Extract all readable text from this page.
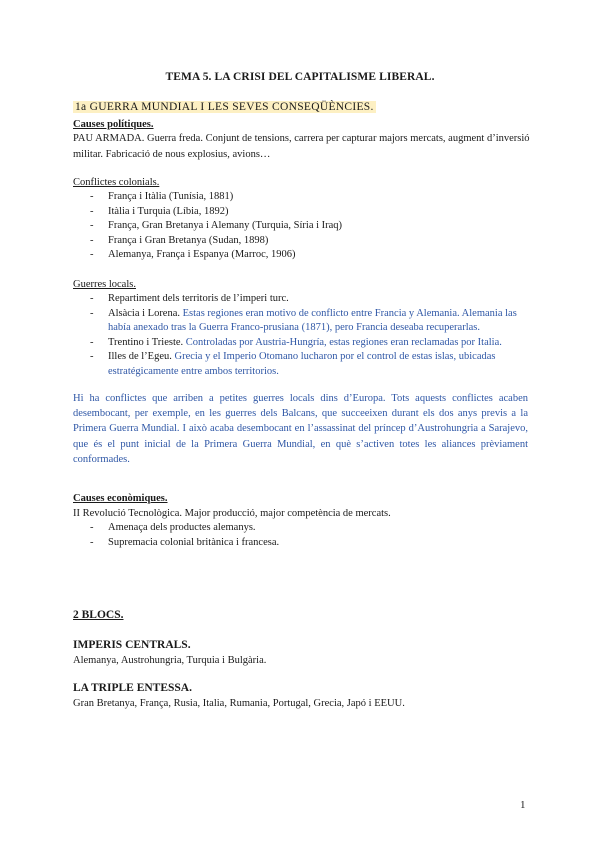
TEMA 5. LA CRISI DEL CAPITALISME LIBERAL.
1a GUERRA MUNDIAL I LES SEVES CONSEQÜÈNCIES.
Causes polítiques.
PAU ARMADA. Guerra freda. Conjunt de tensions, carrera per capturar majors mercats, augment d’inversió militar. Fabricació de nous explosius, avions…
Conflictes colonials.
- França i Itàlia (Tunísia, 1881)
- Itàlia i Turquia (Líbia, 1892)
- França, Gran Bretanya i Alemany (Turquia, Síria i Iraq)
- França i Gran Bretanya (Sudan, 1898)
- Alemanya, França i Espanya (Marroc, 1906)
Guerres locals.
- Repartiment dels territoris de l’imperi turc.
- Alsàcia i Lorena. Estas regiones eran motivo de conflicto entre Francia y Alemania. Alemania las había anexado tras la Guerra Franco-prusiana (1871), pero Francia deseaba recuperarlas.
- Trentino i Trieste. Controladas por Austria-Hungría, estas regiones eran reclamadas por Italia.
- Illes de l’Egeu. Grecia y el Imperio Otomano lucharon por el control de estas islas, ubicadas estratégicamente entre ambos territorios.
Hi ha conflictes que arriben a petites guerres locals dins d’Europa. Tots aquests conflictes acaben desembocant, per exemple, en les guerres dels Balcans, que succeeixen durant els dos anys previs a la Primera Guerra Mundial. I això acaba desembocant en l’assassinat del príncep d’Austrohungria a Sarajevo, que és el punt inicial de la Primera Guerra Mundial, en què s’activen totes les aliances prèviament conformades.
Causes econòmiques.
II Revolució Tecnològica. Major producció, major competència de mercats.
- Amenaça dels productes alemanys.
- Supremacia colonial britànica i francesa.
2 BLOCS.
IMPERIS CENTRALS.
Alemanya, Austrohungria, Turquia i Bulgària.
LA TRIPLE ENTESSA.
Gran Bretanya, França, Rusia, Italia, Rumania, Portugal, Grecia, Japó i EEUU.
1
